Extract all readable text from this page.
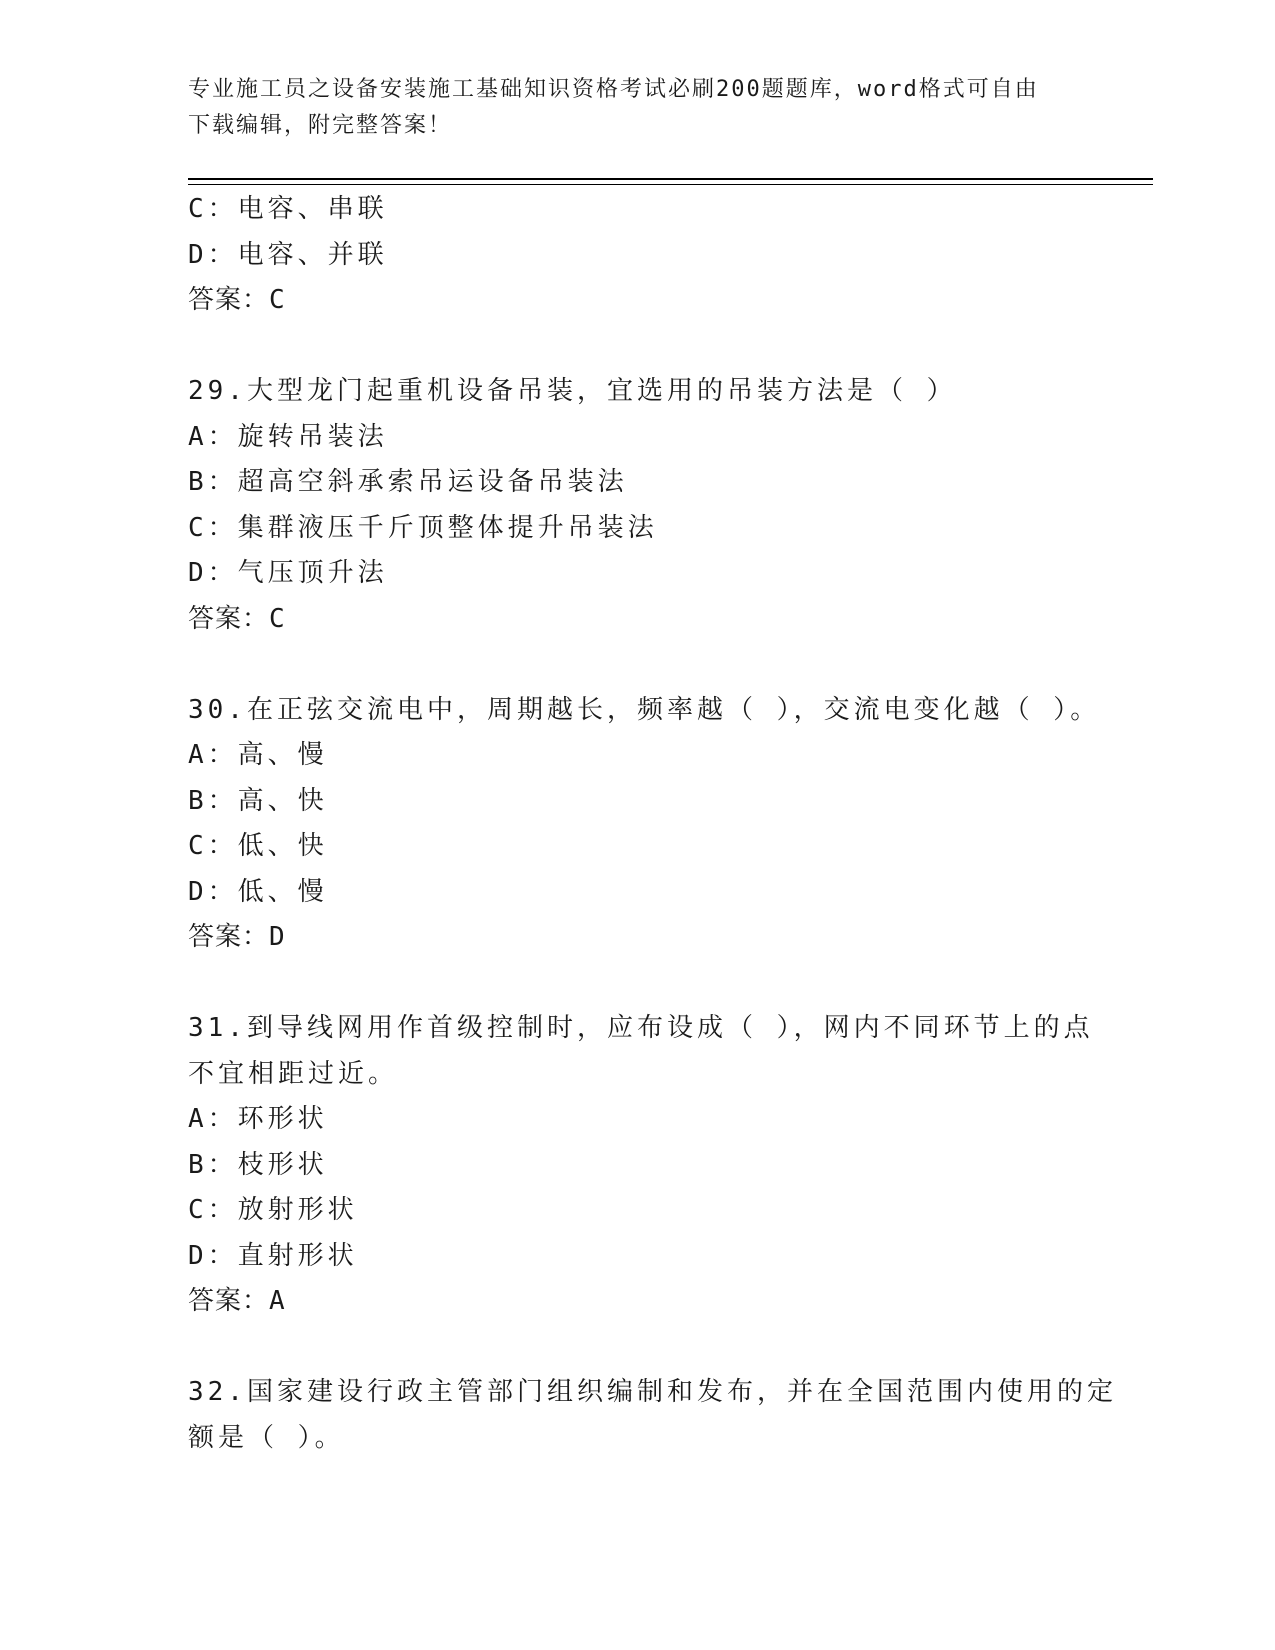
专业施工员之设备安装施工基础知识资格考试必刷200题题库，word格式可自由
下载编辑，附完整答案！
C：电容、串联
D：电容、并联
答案：C
29.大型龙门起重机设备吊装，宜选用的吊装方法是（ ）
A：旋转吊装法
B：超高空斜承索吊运设备吊装法
C：集群液压千斤顶整体提升吊装法
D：气压顶升法
答案：C
30.在正弦交流电中，周期越长，频率越（ ），交流电变化越（ ）。
A：高、慢
B：高、快
C：低、快
D：低、慢
答案：D
31.到导线网用作首级控制时，应布设成（ ），网内不同环节上的点
不宜相距过近。
A：环形状
B：枝形状
C：放射形状
D：直射形状
答案：A
32.国家建设行政主管部门组织编制和发布，并在全国范围内使用的定
额是（ ）。
